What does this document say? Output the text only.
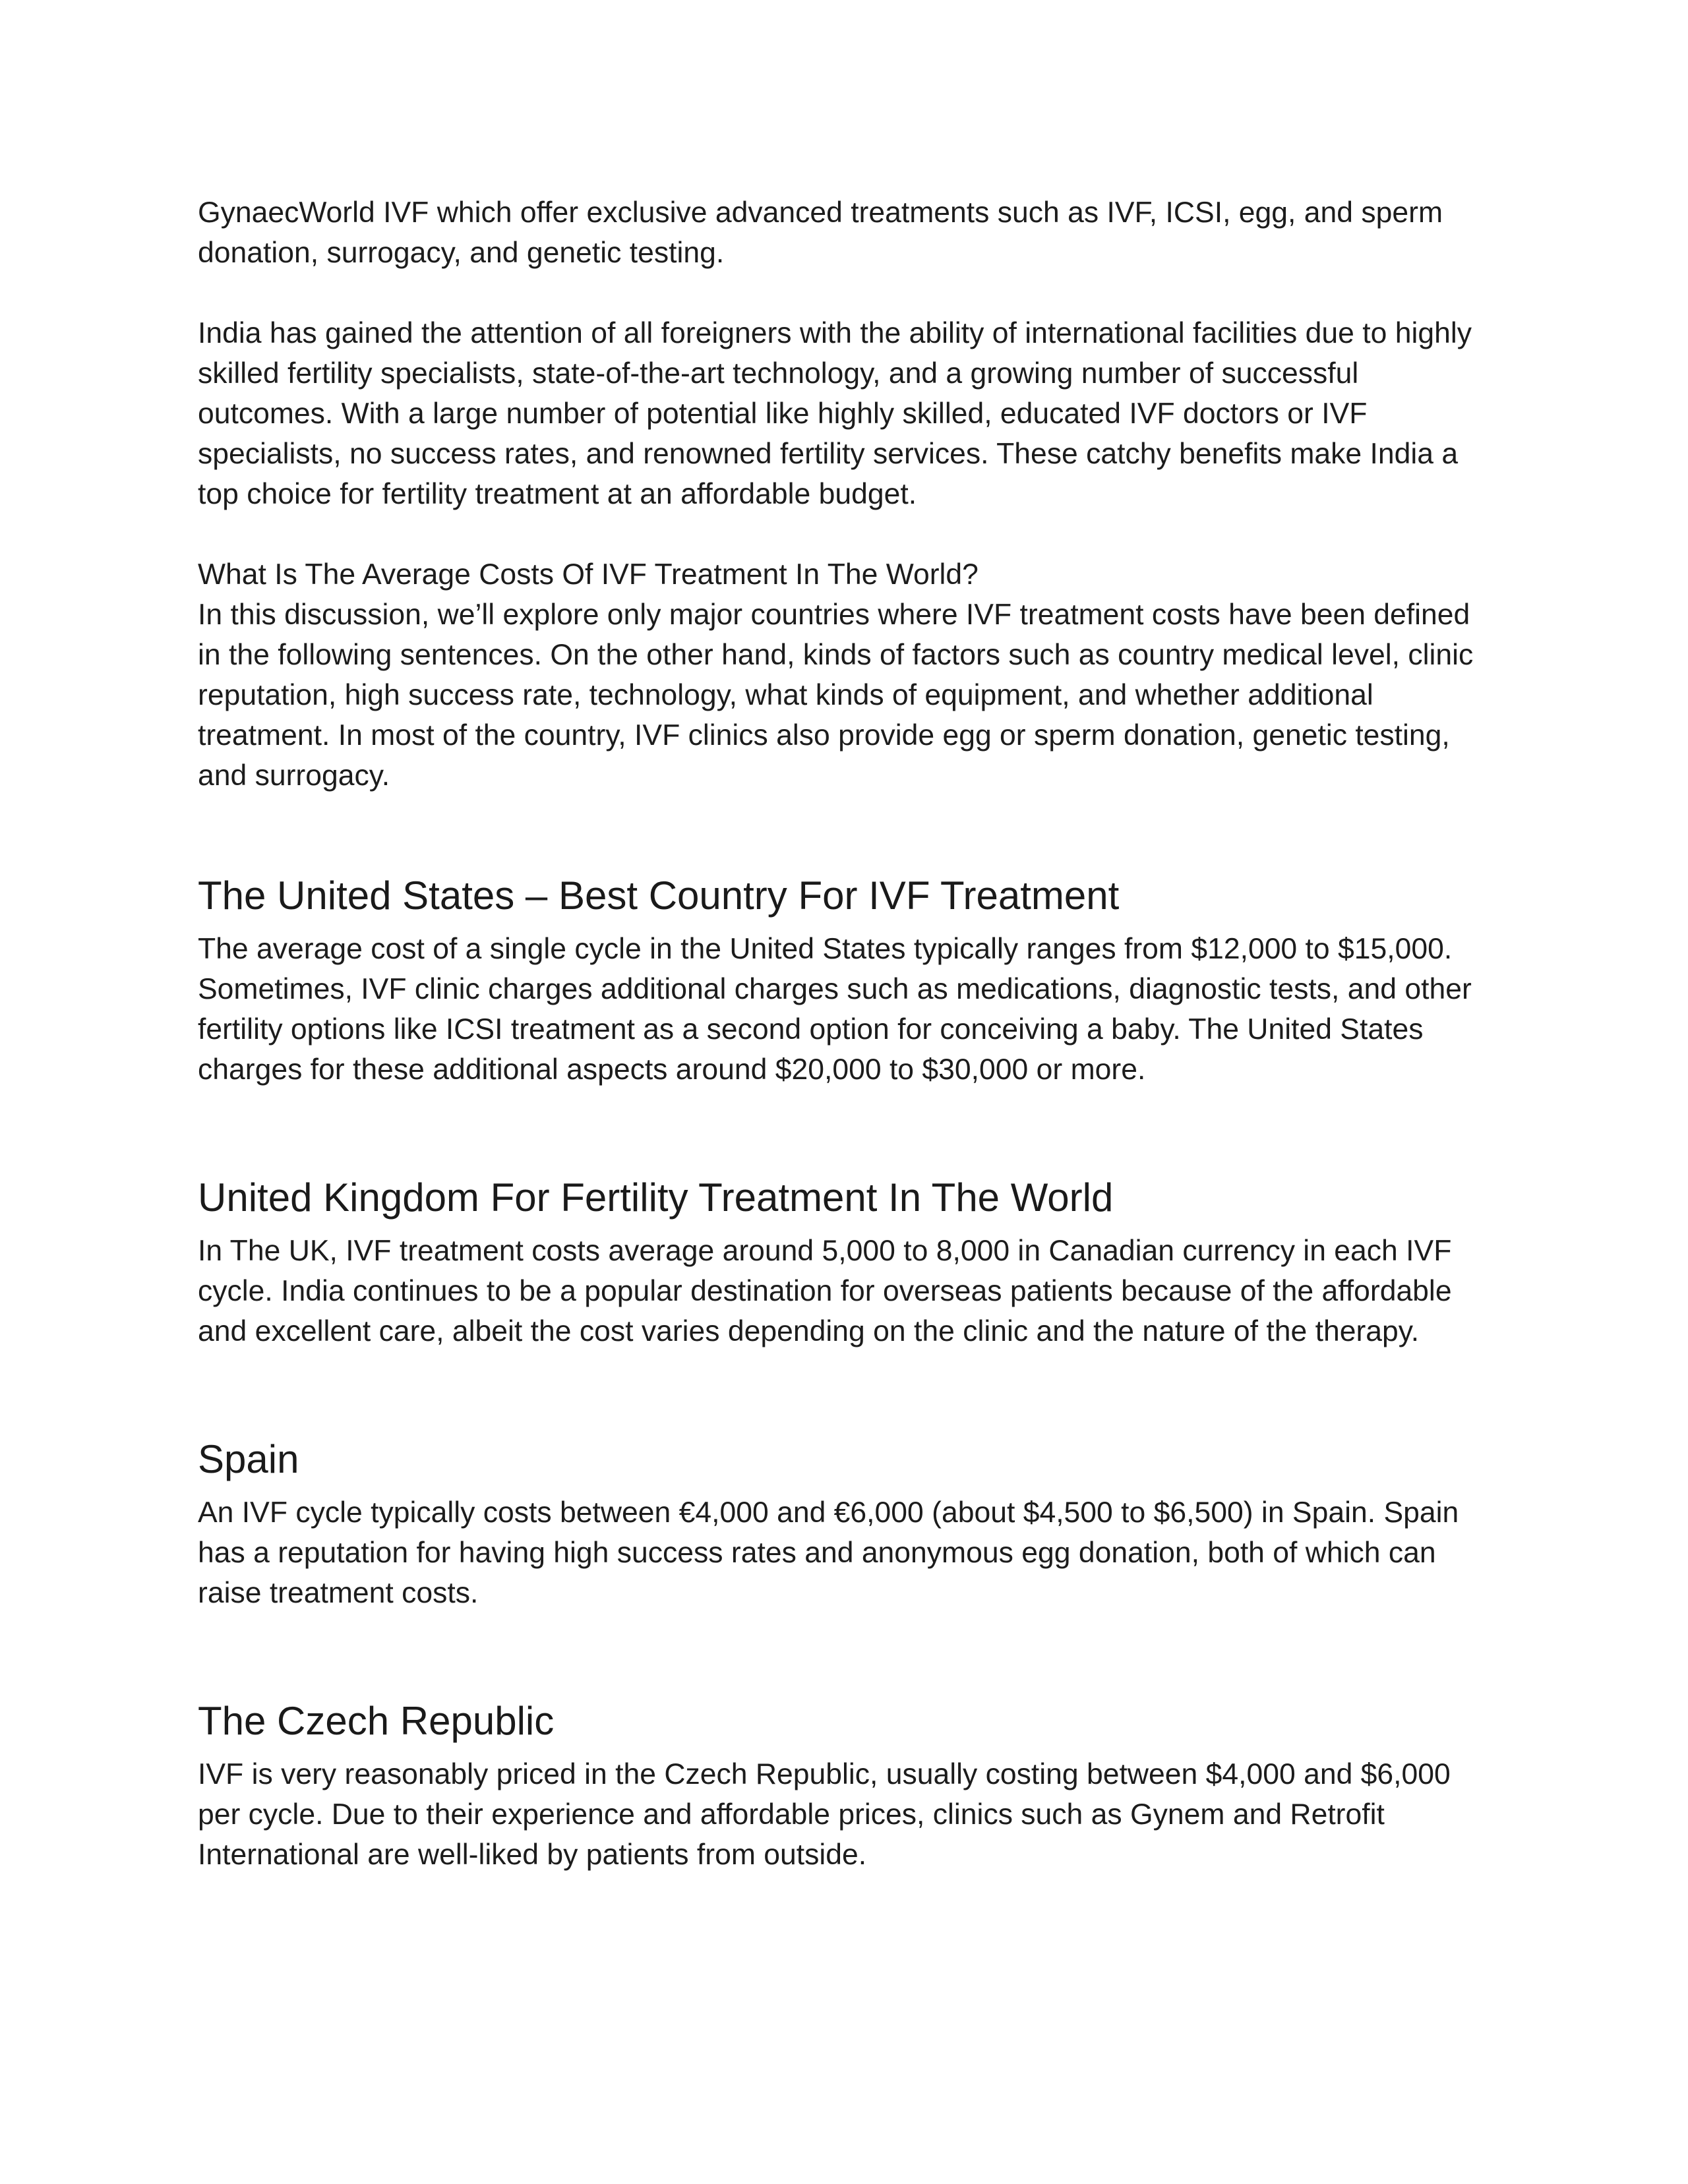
GynaecWorld IVF which offer exclusive advanced treatments such as IVF, ICSI, egg, and sperm donation, surrogacy, and genetic testing.

India has gained the attention of all foreigners with the ability of international facilities due to highly skilled fertility specialists, state-of-the-art technology, and a growing number of successful outcomes. With a large number of potential like highly skilled, educated IVF doctors or IVF specialists, no success rates, and renowned fertility services. These catchy benefits make India a top choice for fertility treatment at an affordable budget.

What Is The Average Costs Of IVF Treatment In The World?

In this discussion, we’ll explore only major countries where IVF treatment costs have been defined in the following sentences. On the other hand, kinds of factors such as country medical level, clinic reputation, high success rate, technology, what kinds of equipment, and whether additional treatment. In most of the country, IVF clinics also provide egg or sperm donation, genetic testing, and surrogacy.

The United States – Best Country For IVF Treatment

The average cost of a single cycle in the United States typically ranges from $12,000 to $15,000. Sometimes, IVF clinic charges additional charges such as medications, diagnostic tests, and other fertility options like ICSI treatment as a second option for conceiving a baby. The United States charges for these additional aspects around $20,000 to $30,000 or more.

United Kingdom For Fertility Treatment In The World

In The UK, IVF treatment costs average around 5,000 to 8,000 in Canadian currency in each IVF cycle. India continues to be a popular destination for overseas patients because of the affordable and excellent care, albeit the cost varies depending on the clinic and the nature of the therapy.

Spain

An IVF cycle typically costs between €4,000 and €6,000 (about $4,500 to $6,500) in Spain. Spain has a reputation for having high success rates and anonymous egg donation, both of which can raise treatment costs.

The Czech Republic

IVF is very reasonably priced in the Czech Republic, usually costing between $4,000 and $6,000 per cycle. Due to their experience and affordable prices, clinics such as Gynem and Retrofit International are well-liked by patients from outside.
